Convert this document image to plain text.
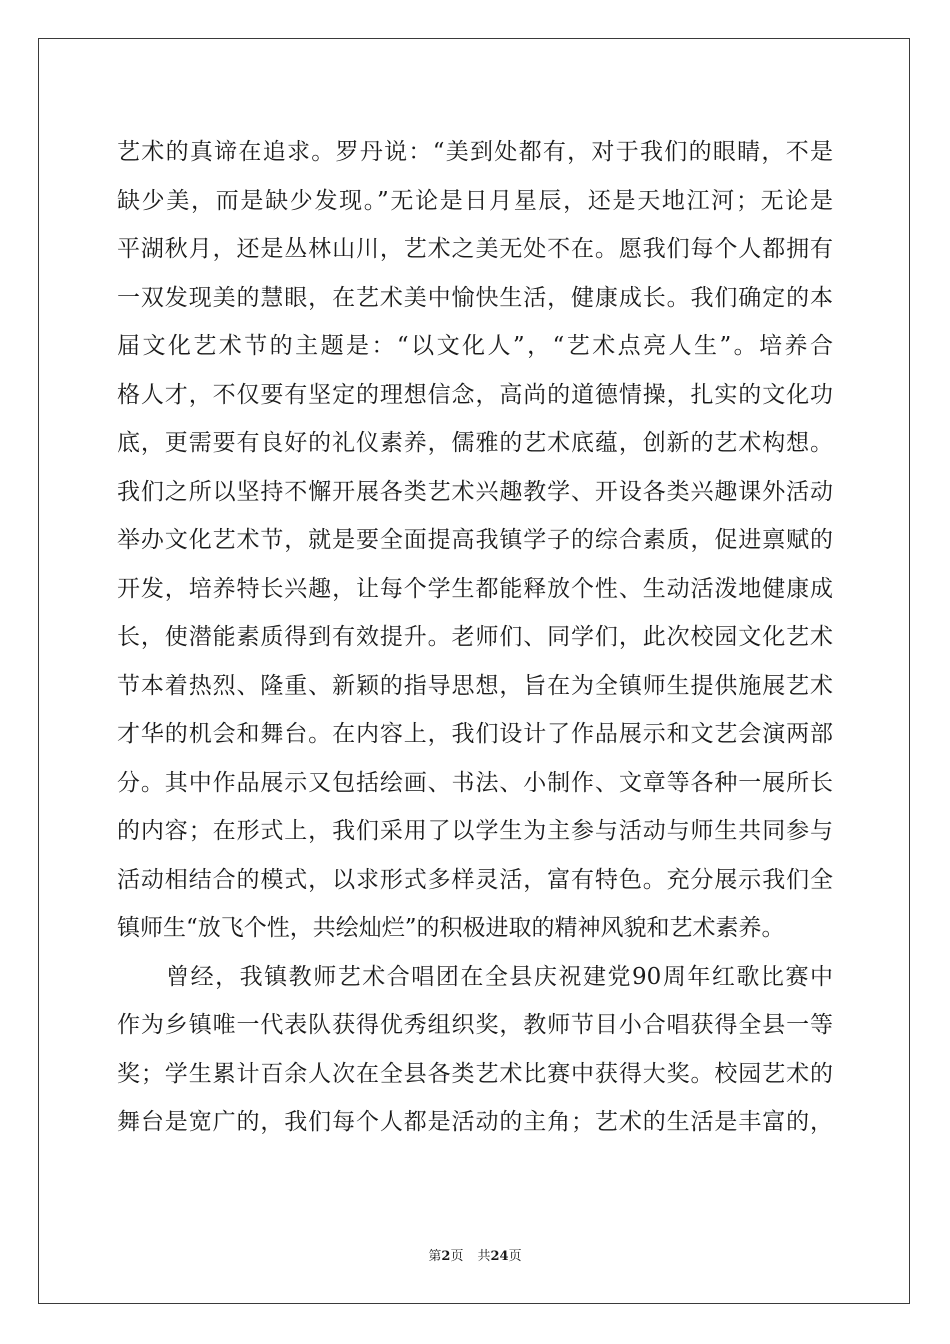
艺术的真谛在追求。罗丹说：“美到处都有，对于我们的眼睛，不是
缺少美，而是缺少发现。”无论是日月星辰，还是天地江河；无论是
平湖秋月，还是丛林山川，艺术之美无处不在。愿我们每个人都拥有
一双发现美的慧眼，在艺术美中愉快生活，健康成长。我们确定的本
届文化艺术节的主题是：“以文化人”，“艺术点亮人生”。培养合
格人才，不仅要有坚定的理想信念，高尚的道德情操，扎实的文化功
底，更需要有良好的礼仪素养，儒雅的艺术底蕴，创新的艺术构想。
我们之所以坚持不懈开展各类艺术兴趣教学、开设各类兴趣课外活动
举办文化艺术节，就是要全面提高我镇学子的综合素质，促进禀赋的
开发，培养特长兴趣，让每个学生都能释放个性、生动活泼地健康成
长，使潜能素质得到有效提升。老师们、同学们，此次校园文化艺术
节本着热烈、隆重、新颖的指导思想，旨在为全镇师生提供施展艺术
才华的机会和舞台。在内容上，我们设计了作品展示和文艺会演两部
分。其中作品展示又包括绘画、书法、小制作、文章等各种一展所长
的内容；在形式上，我们采用了以学生为主参与活动与师生共同参与
活动相结合的模式，以求形式多样灵活，富有特色。充分展示我们全
镇师生“放飞个性，共绘灿烂”的积极进取的精神风貌和艺术素养。
　　曾经，我镇教师艺术合唱团在全县庆祝建党90周年红歌比赛中
作为乡镇唯一代表队获得优秀组织奖，教师节目小合唱获得全县一等
奖；学生累计百余人次在全县各类艺术比赛中获得大奖。校园艺术的
舞台是宽广的，我们每个人都是活动的主角；艺术的生活是丰富的，
第2页 共24页
